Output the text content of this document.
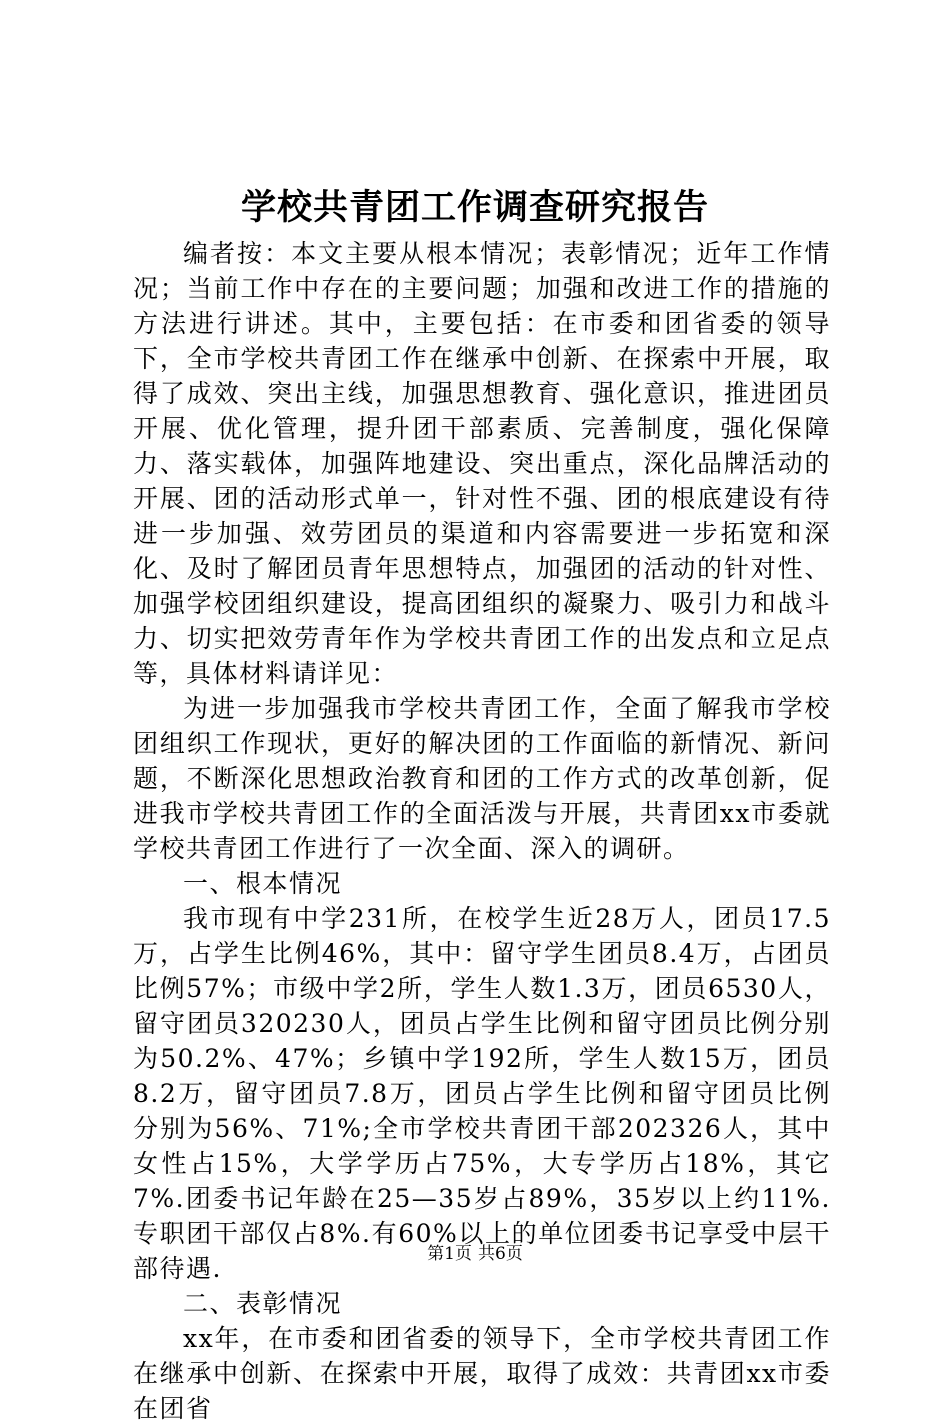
学校共青团工作调查研究报告

编者按：本文主要从根本情况；表彰情况；近年工作情况；当前工作中存在的主要问题；加强和改进工作的措施的方法进行讲述。其中，主要包括：在市委和团省委的领导下，全市学校共青团工作在继承中创新、在探索中开展，取得了成效、突出主线，加强思想教育、强化意识，推进团员开展、优化管理，提升团干部素质、完善制度，强化保障力、落实载体，加强阵地建设、突出重点，深化品牌活动的开展、团的活动形式单一，针对性不强、团的根底建设有待进一步加强、效劳团员的渠道和内容需要进一步拓宽和深化、及时了解团员青年思想特点，加强团的活动的针对性、加强学校团组织建设，提高团组织的凝聚力、吸引力和战斗力、切实把效劳青年作为学校共青团工作的出发点和立足点等，具体材料请详见：

为进一步加强我市学校共青团工作，全面了解我市学校团组织工作现状，更好的解决团的工作面临的新情况、新问题，不断深化思想政治教育和团的工作方式的改革创新，促进我市学校共青团工作的全面活泼与开展，共青团xx市委就学校共青团工作进行了一次全面、深入的调研。

一、根本情况

我市现有中学231所，在校学生近28万人，团员17.5万，占学生比例46%，其中：留守学生团员8.4万，占团员比例57%；市级中学2所，学生人数1.3万，团员6530人，留守团员320230人，团员占学生比例和留守团员比例分别为50.2%、47%；乡镇中学192所，学生人数15万，团员8.2万，留守团员7.8万，团员占学生比例和留守团员比例分别为56%、71%;全市学校共青团干部202326人，其中女性占15%，大学学历占75%，大专学历占18%，其它7%.团委书记年龄在25—35岁占89%，35岁以上约11%.专职团干部仅占8%.有60%以上的单位团委书记享受中层干部待遇.

二、表彰情况

xx年，在市委和团省委的领导下，全市学校共青团工作在继承中创新、在探索中开展，取得了成效：共青团xx市委在团省

第1页 共6页
